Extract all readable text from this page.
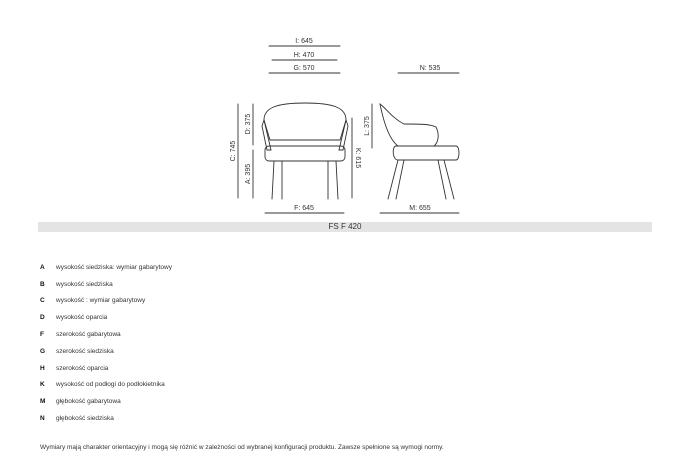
I: 645
H: 470
G: 570	N: 535
F: 645	M: 655
C: 745
D: 375
A: 395
K: 615
L: 375
FS F 420
A	wysokość siedziska: wymiar gabarytowy
B	wysokość siedziska
C	wysokość : wymiar gabarytowy
D	wysokość oparcia
F	szerokość gabarytowa
G	szerokość siedziska
H	szerokość oparcia
K	wysokość od podłogi do podłokietnika
M	głębokość gabarytowa
N	głębokość siedziska
Wymiary mają charakter orientacyjny i mogą się różnić w zależności od wybranej konfiguracji produktu. Zawsze spełnione są wymogi normy.
